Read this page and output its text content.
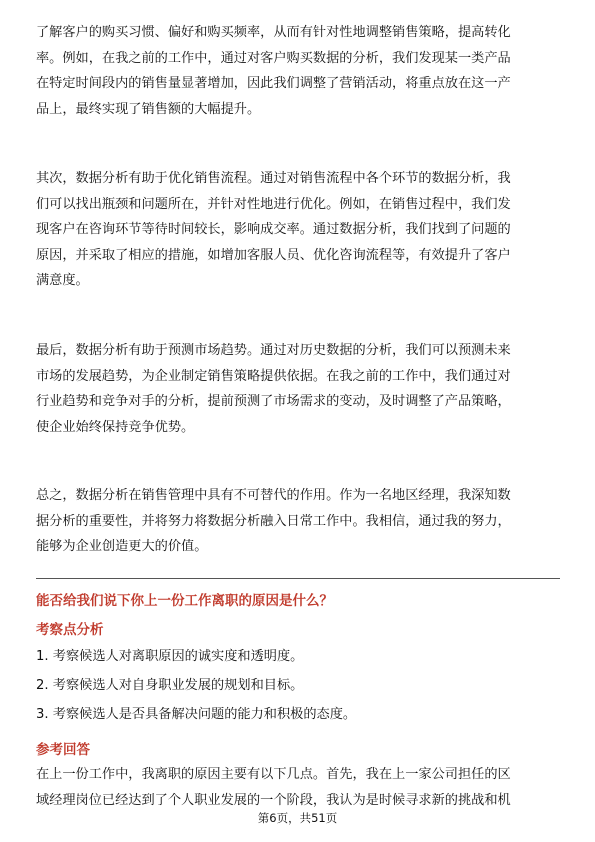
了解客户的购买习惯、偏好和购买频率，从而有针对性地调整销售策略，提高转化
率。例如，在我之前的工作中，通过对客户购买数据的分析，我们发现某一类产品
在特定时间段内的销售量显著增加，因此我们调整了营销活动，将重点放在这一产
品上，最终实现了销售额的大幅提升。
其次，数据分析有助于优化销售流程。通过对销售流程中各个环节的数据分析，我
们可以找出瓶颈和问题所在，并针对性地进行优化。例如，在销售过程中，我们发
现客户在咨询环节等待时间较长，影响成交率。通过数据分析，我们找到了问题的
原因，并采取了相应的措施，如增加客服人员、优化咨询流程等，有效提升了客户
满意度。
最后，数据分析有助于预测市场趋势。通过对历史数据的分析，我们可以预测未来
市场的发展趋势，为企业制定销售策略提供依据。在我之前的工作中，我们通过对
行业趋势和竞争对手的分析，提前预测了市场需求的变动，及时调整了产品策略，
使企业始终保持竞争优势。
总之，数据分析在销售管理中具有不可替代的作用。作为一名地区经理，我深知数
据分析的重要性，并将努力将数据分析融入日常工作中。我相信，通过我的努力，
能够为企业创造更大的价值。

能否给我们说下你上一份工作离职的原因是什么？

考察点分析

1. 考察候选人对离职原因的诚实度和透明度。
2. 考察候选人对自身职业发展的规划和目标。
3. 考察候选人是否具备解决问题的能力和积极的态度。

参考回答

在上一份工作中，我离职的原因主要有以下几点。首先，我在上一家公司担任的区
域经理岗位已经达到了个人职业发展的一个阶段，我认为是时候寻求新的挑战和机
第6页，共51页
